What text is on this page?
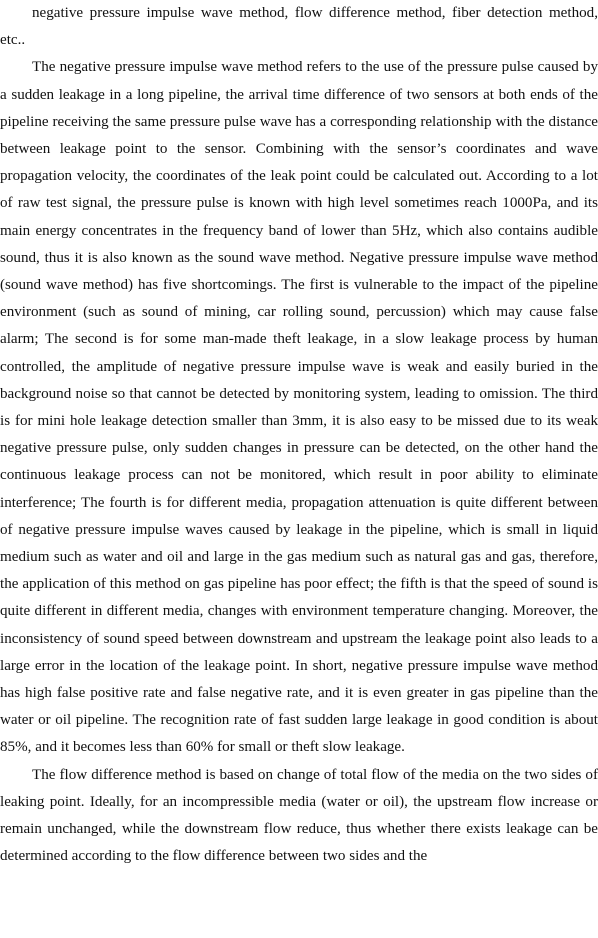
negative pressure impulse wave method, flow difference method, fiber detection method, etc..

The negative pressure impulse wave method refers to the use of the pressure pulse caused by a sudden leakage in a long pipeline, the arrival time difference of two sensors at both ends of the pipeline receiving the same pressure pulse wave has a corresponding relationship with the distance between leakage point to the sensor. Combining with the sensor’s coordinates and wave propagation velocity, the coordinates of the leak point could be calculated out. According to a lot of raw test signal, the pressure pulse is known with high level sometimes reach 1000Pa, and its main energy concentrates in the frequency band of lower than 5Hz, which also contains audible sound, thus it is also known as the sound wave method. Negative pressure impulse wave method (sound wave method) has five shortcomings. The first is vulnerable to the impact of the pipeline environment (such as sound of mining, car rolling sound, percussion) which may cause false alarm; The second is for some man-made theft leakage, in a slow leakage process by human controlled, the amplitude of negative pressure impulse wave is weak and easily buried in the background noise so that cannot be detected by monitoring system, leading to omission. The third is for mini hole leakage detection smaller than 3mm, it is also easy to be missed due to its weak negative pressure pulse, only sudden changes in pressure can be detected, on the other hand the continuous leakage process can not be monitored, which result in poor ability to eliminate interference; The fourth is for different media, propagation attenuation is quite different between of negative pressure impulse waves caused by leakage in the pipeline, which is small in liquid medium such as water and oil and large in the gas medium such as natural gas and gas, therefore, the application of this method on gas pipeline has poor effect; the fifth is that the speed of sound is quite different in different media, changes with environment temperature changing. Moreover, the inconsistency of sound speed between downstream and upstream the leakage point also leads to a large error in the location of the leakage point. In short, negative pressure impulse wave method has high false positive rate and false negative rate, and it is even greater in gas pipeline than the water or oil pipeline. The recognition rate of fast sudden large leakage in good condition is about 85%, and it becomes less than 60% for small or theft slow leakage.

The flow difference method is based on change of total flow of the media on the two sides of leaking point. Ideally, for an incompressible media (water or oil), the upstream flow increase or remain unchanged, while the downstream flow reduce, thus whether there exists leakage can be determined according to the flow difference between two sides and the
